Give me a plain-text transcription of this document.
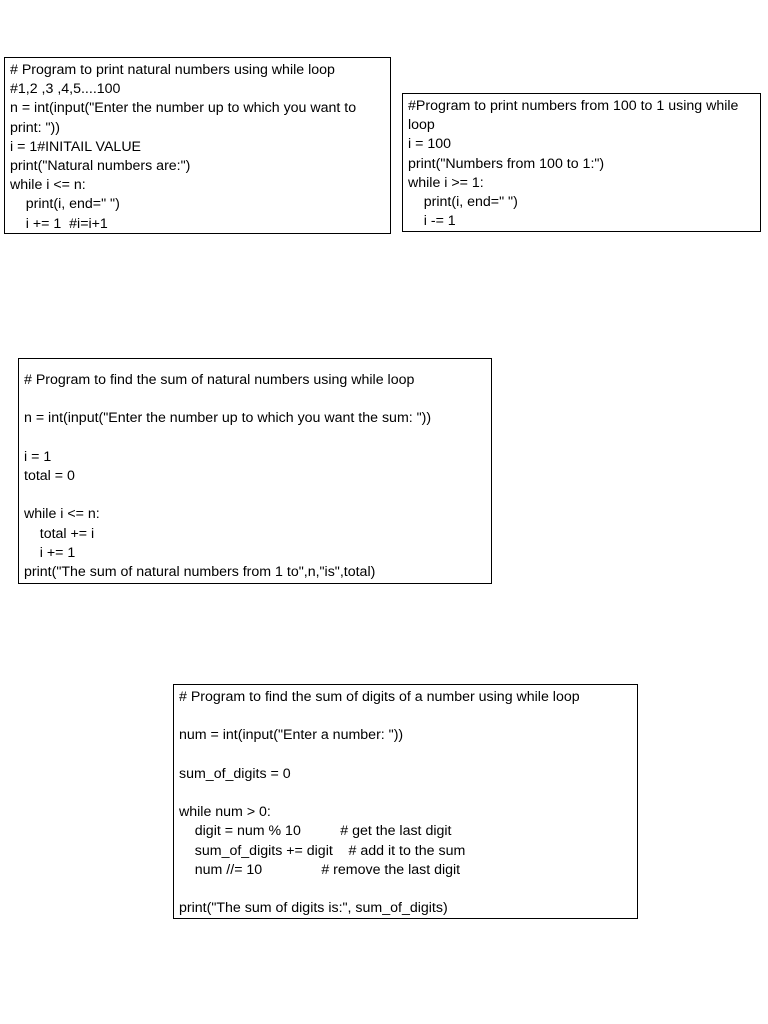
# Program to print natural numbers using while loop
#1,2 ,3 ,4,5....100
n = int(input("Enter the number up to which you want to print: "))
i = 1#INITAIL VALUE
print("Natural numbers are:")
while i <= n:
print(i, end=" ")
i += 1  #i=i+1
#Program to print numbers from 100 to 1 using while loop
i = 100
print("Numbers from 100 to 1:")
while i >= 1:
print(i, end=" ")
i -= 1
# Program to find the sum of natural numbers using while loop
n = int(input("Enter the number up to which you want the sum: "))
i = 1
total = 0
while i <= n:
total += i
i += 1
print("The sum of natural numbers from 1 to",n,"is",total)
# Program to find the sum of digits of a number using while loop
num = int(input("Enter a number: "))
sum_of_digits = 0
while num > 0:
digit = num % 10          # get the last digit
sum_of_digits += digit    # add it to the sum
num //= 10               # remove the last digit
print("The sum of digits is:", sum_of_digits)
